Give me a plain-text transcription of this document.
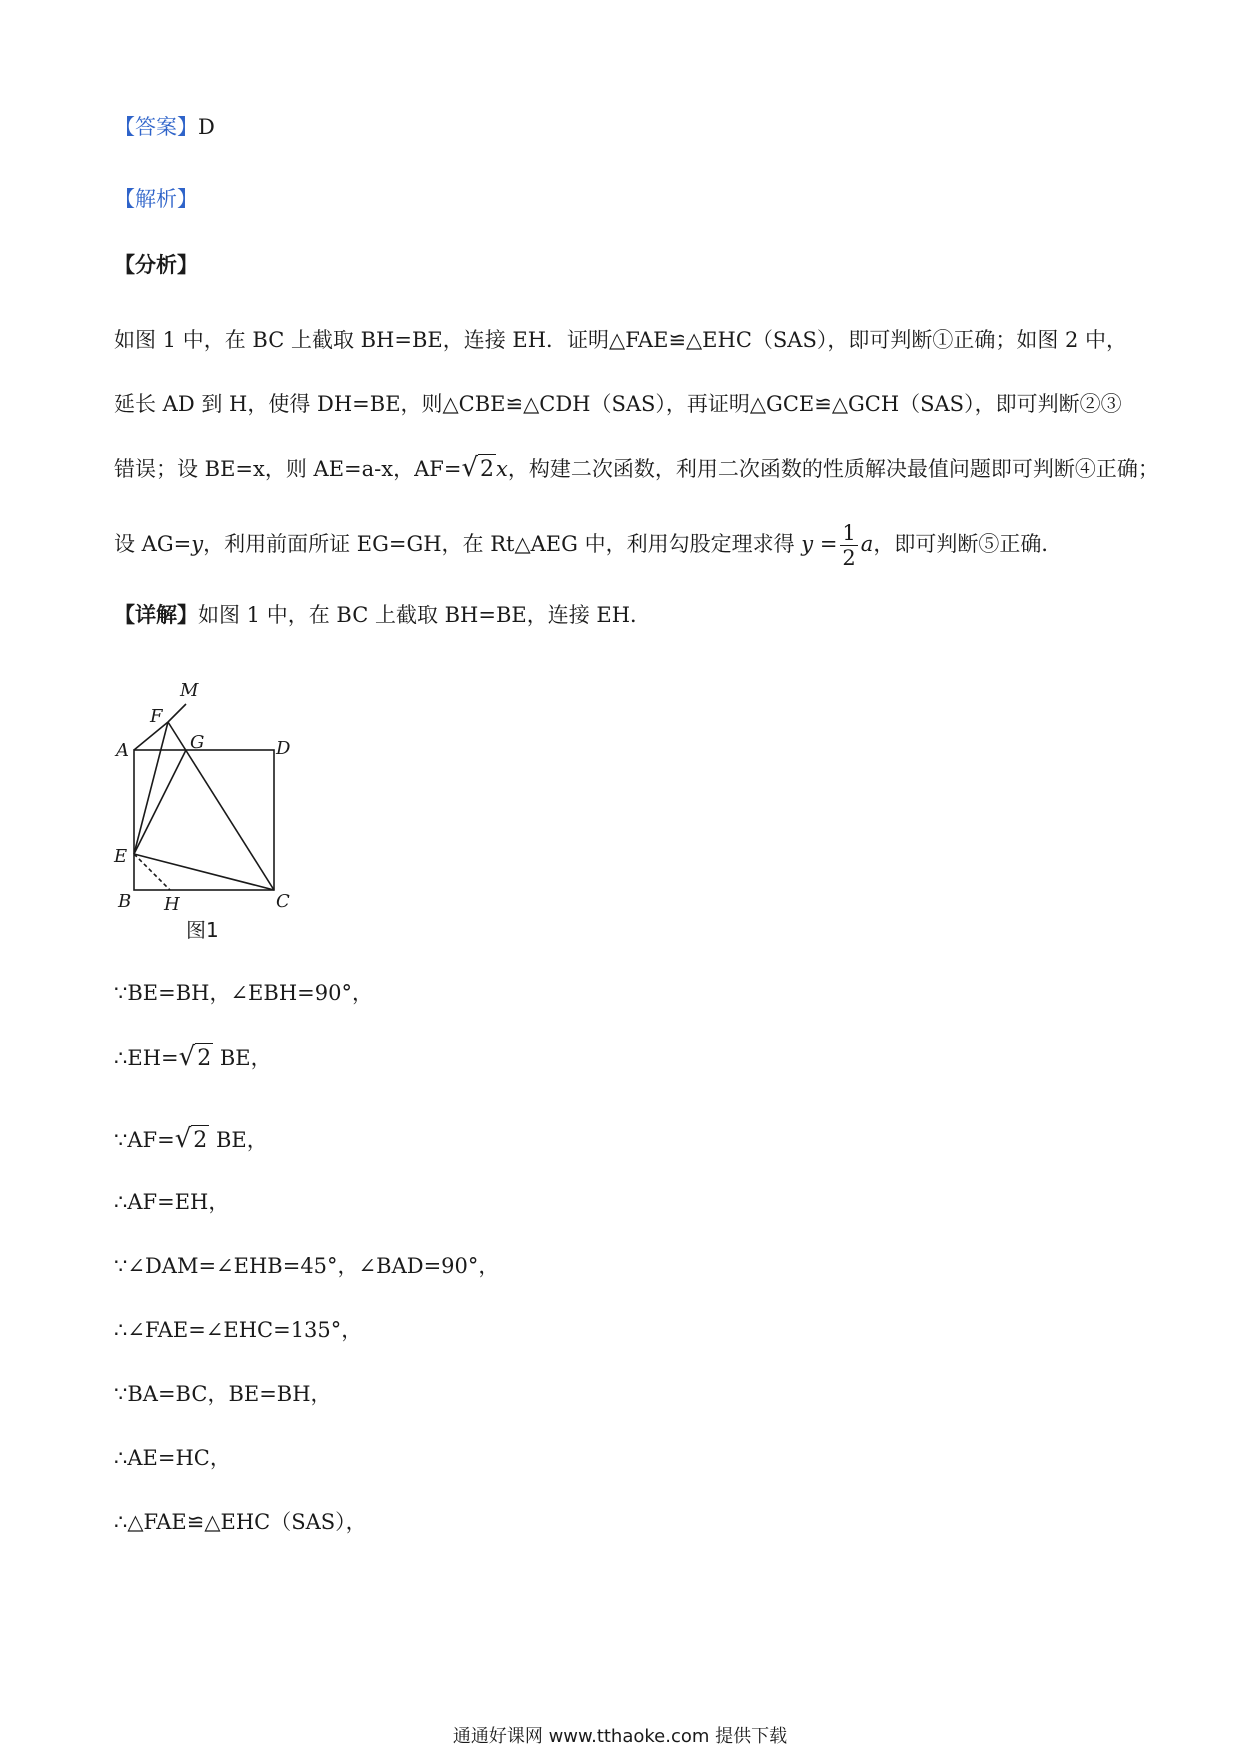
【答案】D
【解析】
【分析】
如图 1 中，在 BC 上截取 BH=BE，连接 EH．证明△FAE≌△EHC（SAS），即可判断①正确；如图 2 中，
延长 AD 到 H，使得 DH=BE，则△CBE≌△CDH（SAS），再证明△GCE≌△GCH（SAS），即可判断②③
错误；设 BE=x，则 AE=a-x，AF=√2x，构建二次函数，利用二次函数的性质解决最值问题即可判断④正确；
设 AG=y，利用前面所证 EG=GH，在 Rt△AEG 中，利用勾股定理求得 $y = \frac{1}{2}$ a，即可判断⑤正确．
【详解】如图 1 中，在 BC 上截取 BH=BE，连接 EH．
A
B	C
D
E
F
G
H
M
图1
∵BE=BH，∠EBH=90°，
∴EH=√2 BE，
∵AF=√2 BE，
∴AF=EH，
∵∠DAM=∠EHB=45°，∠BAD=90°，
∴∠FAE=∠EHC=135°，
∵BA=BC，BE=BH，
∴AE=HC，
∴△FAE≌△EHC（SAS），
通通好课网 www.tthaoke.com 提供下载
